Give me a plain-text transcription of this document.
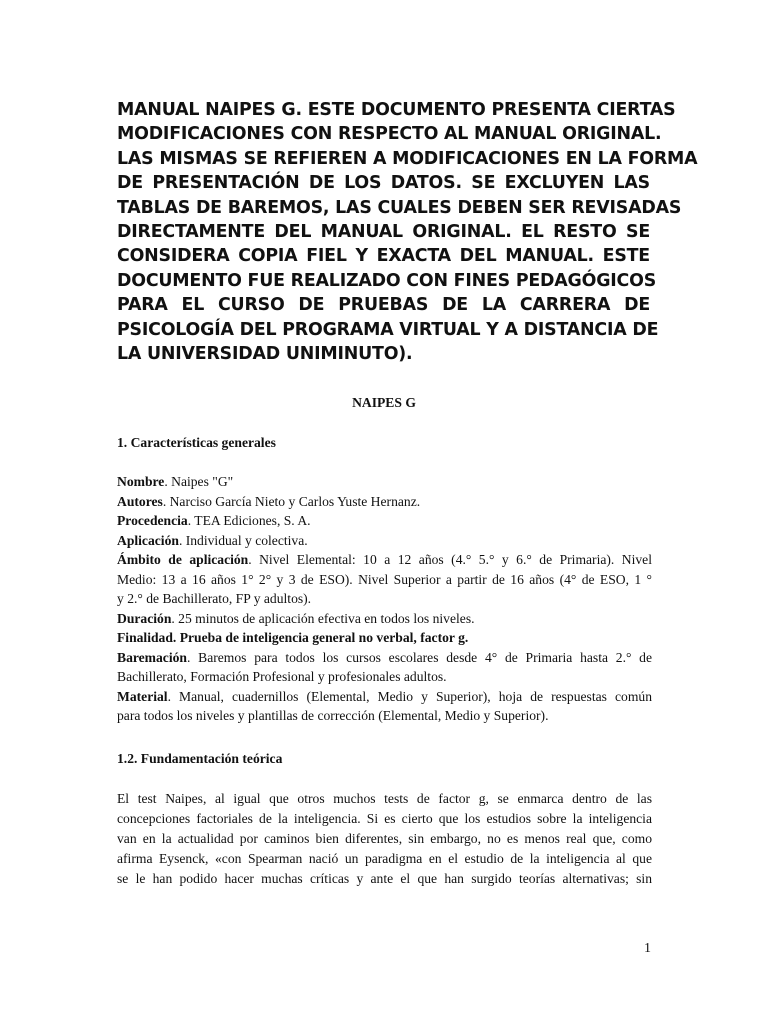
MANUAL NAIPES G. ESTE DOCUMENTO PRESENTA CIERTAS
MODIFICACIONES CON RESPECTO AL MANUAL ORIGINAL.
LAS MISMAS SE REFIEREN A MODIFICACIONES EN LA FORMA
DE PRESENTACIÓN DE LOS DATOS. SE EXCLUYEN LAS
TABLAS DE BAREMOS, LAS CUALES DEBEN SER REVISADAS
DIRECTAMENTE DEL MANUAL ORIGINAL. EL RESTO SE
CONSIDERA COPIA FIEL Y EXACTA DEL MANUAL. ESTE
DOCUMENTO FUE REALIZADO CON FINES PEDAGÓGICOS
PARA EL CURSO DE PRUEBAS DE LA CARRERA DE
PSICOLOGÍA DEL PROGRAMA VIRTUAL Y A DISTANCIA DE
LA UNIVERSIDAD UNIMINUTO).
NAIPES G
1. Características generales
Nombre. Naipes "G"
Autores. Narciso García Nieto y Carlos Yuste Hernanz.
Procedencia. TEA Ediciones, S. A.
Aplicación. Individual y colectiva.
Ámbito de aplicación. Nivel Elemental: 10 a 12 años (4.° 5.° y 6.° de Primaria). Nivel
Medio: 13 a 16 años 1° 2° y 3 de ESO). Nivel Superior a partir de 16 años (4° de ESO, 1 °
y 2.° de Bachillerato, FP y adultos).
Duración. 25 minutos de aplicación efectiva en todos los niveles.
Finalidad. Prueba de inteligencia general no verbal, factor g.
Baremación. Baremos para todos los cursos escolares desde 4° de Primaria hasta 2.° de
Bachillerato, Formación Profesional y profesionales adultos.
Material. Manual, cuadernillos (Elemental, Medio y Superior), hoja de respuestas común
para todos los niveles y plantillas de corrección (Elemental, Medio y Superior).
1.2. Fundamentación teórica
El test Naipes, al igual que otros muchos tests de factor g, se enmarca dentro de las
concepciones factoriales de la inteligencia. Si es cierto que los estudios sobre la inteligencia
van en la actualidad por caminos bien diferentes, sin embargo, no es menos real que, como
afirma Eysenck, «con Spearman nació un paradigma en el estudio de la inteligencia al que
se le han podido hacer muchas críticas y ante el que han surgido teorías alternativas; sin
1
